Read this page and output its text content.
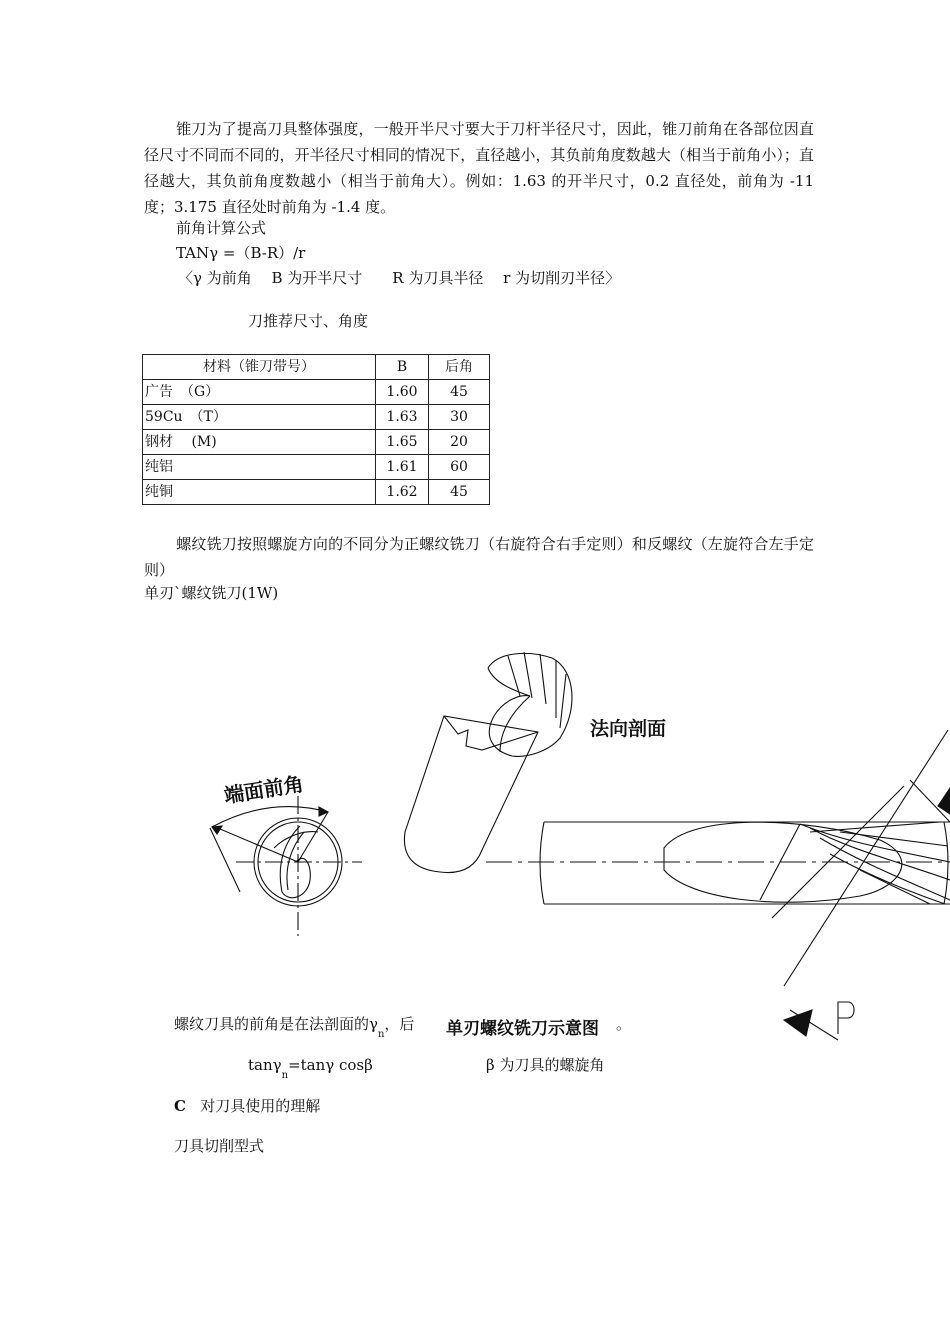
锥刀为了提高刀具整体强度，一般开半尺寸要大于刀杆半径尺寸，因此，锥刀前角在各部位因直径尺寸不同而不同的，开半径尺寸相同的情况下，直径越小，其负前角度数越大（相当于前角小）；直径越大，其负前角度数越小（相当于前角大）。例如：1.63 的开半尺寸，0.2 直径处，前角为 -11 度；3.175 直径处时前角为 -1.4 度。
前角计算公式
TANγ =（B-R）/r
〈γ 为前角　 B 为开半尺寸　　R 为刀具半径　 r 为切削刃半径〉
刀推荐尺寸、角度
材料（锥刀带号）	B	后角
广告　（G）	1.60	45
59Cu　（T）	1.63	30
钢材　 (M)	1.65	20
纯铝	1.61	60
纯铜	1.62	45
螺纹铣刀按照螺旋方向的不同分为正螺纹铣刀（右旋符合右手定则）和反螺纹（左旋符合左手定则）
单刃`螺纹铣刀(1W)
法向剖面
端面前角
单刃螺纹铣刀示意图
螺纹刀具的前角是在法剖面的$\gamma_n$，后	。
tanγ$_n$=tanγ cosβ	β 为刀具的螺旋角
C 对刀具使用的理解
刀具切削型式
